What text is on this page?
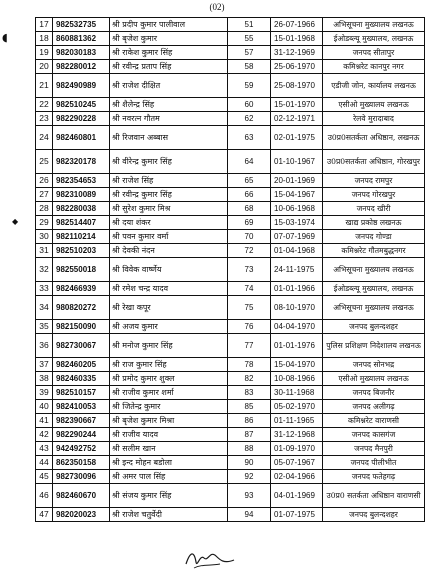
(02)
◖
◆
17	982532735	श्री प्रदीप कुमार पालीवाल	51	26-07-1966	अभिसूचना मुख्यालय लखनऊ
18	860881362	श्री बृजेश कुमार	55	15-01-1968	ईओडब्ल्यू मुख्यालय, लखनऊ
19	982030183	श्री राकेश कुमार सिंह	57	31-12-1969	जनपद सीतापुर
20	982280012	श्री रवीन्द्र प्रताप सिंह	58	25-06-1970	कमिश्नरेट कानपुर नगर
21	982490989	श्री राजेश दीक्षित	59	25-08-1970	एडीजी जोन, कार्यालय लखनऊ
22	982510245	श्री शैलेन्द्र सिंह	60	15-01-1970	एसीओ मुख्यालय लखनऊ
23	982290228	श्री नवरत्न गौतम	62	02-12-1971	रेलवे मुरादाबाद
24	982460801	श्री रिजवान अब्बास	63	02-01-1975	उ0प्र0सतर्कता अधिष्ठान, लखनऊ
25	982320178	श्री वीरेन्द्र कुमार सिंह	64	01-10-1967	उ0प्र0सतर्कता अधिष्ठान, गोरखपुर
26	982354653	श्री राजेश सिंह	65	20-01-1969	जनपद रामपुर
27	982310089	श्री रवीन्द्र कुमार सिंह	66	15-04-1967	जनपद गोरखपुर
28	982280038	श्री सुरेश कुमार मिश्र	68	10-06-1968	जनपद खीरी
29	982514407	श्री दया शंकर	69	15-03-1974	खाद्य प्रकोष्ठ लखनऊ
30	982110214	श्री पवन कुमार वर्मा	70	07-07-1969	जनपद गोण्डा
31	982510203	श्री देवकी नंदन	72	01-04-1968	कमिश्नरेट गौतमबुद्धनगर
32	982550018	श्री विवेक वार्ष्णेय	73	24-11-1975	अभिसूचना मुख्यालय लखनऊ
33	982466939	श्री रमेश चन्द्र यादव	74	01-01-1966	ईओडब्ल्यू मुख्यालय, लखनऊ
34	980820272	श्री रेखा कपूर	75	08-10-1970	अभिसूचना मुख्यालय लखनऊ
35	982150090	श्री अजय कुमार	76	04-04-1970	जनपद बुलन्दशहर
36	982730067	श्री मनोज कुमार सिंह	77	01-01-1976	पुलिस प्रशिक्षण निदेशालय लखनऊ
37	982460205	श्री राज कुमार सिंह	78	15-04-1970	जनपद सोनभद्र
38	982460335	श्री प्रमोद कुमार शुक्ल	82	10-08-1966	एसीओ मुख्यालय लखनऊ
39	982510157	श्री राजीव कुमार शर्मा	83	30-11-1968	जनपद बिजनौर
40	982410053	श्री जितेन्द्र कुमार	85	05-02-1970	जनपद अलीगढ़
41	982390667	श्री बृजेश कुमार मिश्रा	86	01-11-1965	कमिश्नरेट वाराणसी
42	982290244	श्री राजीव यादव	87	31-12-1968	जनपद कासगंज
43	942492752	श्री सलीम खान	88	01-09-1970	जनपद मैनपुरी
44	862350158	श्री इन्द मोहन बडोला	90	05-07-1967	जनपद पीलीभीत
45	982730096	श्री अमर पाल सिंह	92	02-04-1966	जनपद फतेहगढ़
46	982460670	श्री संजय कुमार सिंह	93	04-01-1969	उ0प्र0 सतर्कता अधिष्ठान वाराणसी
47	982020023	श्री राजेश चतुर्वेदी	94	01-07-1975	जनपद बुलन्दशहर
